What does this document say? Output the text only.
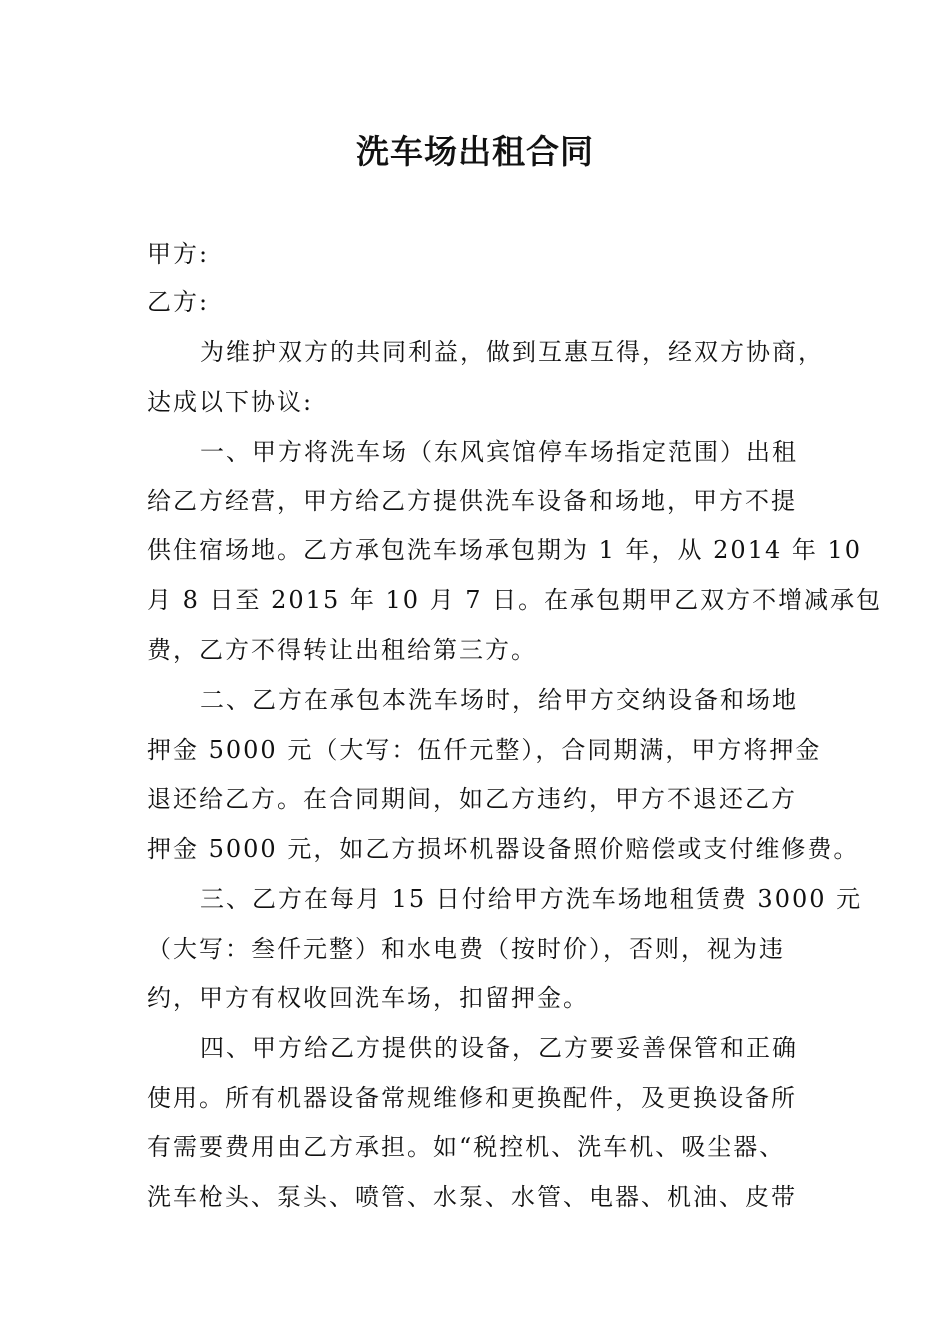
洗车场出租合同
甲方:
乙方:
为维护双方的共同利益，做到互惠互得，经双方协商，
达成以下协议:
一、甲方将洗车场（东风宾馆停车场指定范围）出租
给乙方经营，甲方给乙方提供洗车设备和场地，甲方不提
供住宿场地。乙方承包洗车场承包期为 1 年，从 2014 年 10
月 8 日至 2015 年 10 月 7 日。在承包期甲乙双方不增减承包
费，乙方不得转让出租给第三方。
二、乙方在承包本洗车场时，给甲方交纳设备和场地
押金 5000 元（大写：伍仟元整），合同期满，甲方将押金
退还给乙方。在合同期间，如乙方违约，甲方不退还乙方
押金 5000 元，如乙方损坏机器设备照价赔偿或支付维修费。
三、乙方在每月 15 日付给甲方洗车场地租赁费 3000 元
（大写：叁仟元整）和水电费（按时价），否则，视为违
约，甲方有权收回洗车场，扣留押金。
四、甲方给乙方提供的设备，乙方要妥善保管和正确
使用。所有机器设备常规维修和更换配件，及更换设备所
有需要费用由乙方承担。如“税控机、洗车机、吸尘器、
洗车枪头、泵头、喷管、水泵、水管、电器、机油、皮带
